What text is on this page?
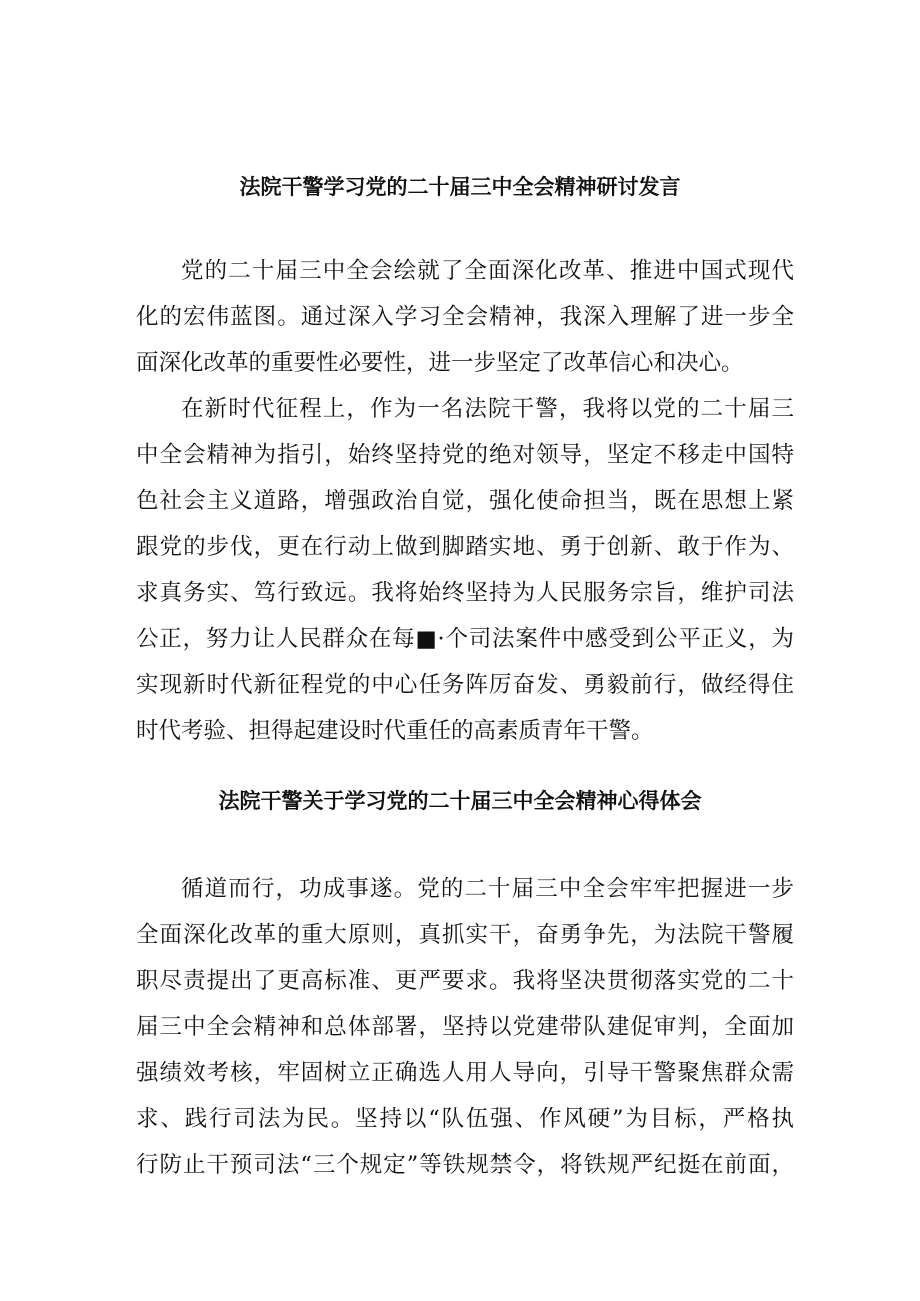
法院干警学习党的二十届三中全会精神研讨发言
党的二十届三中全会绘就了全面深化改革、推进中国式现代
化的宏伟蓝图。通过深入学习全会精神，我深入理解了进一步全
面深化改革的重要性必要性，进一步坚定了改革信心和决心。
在新时代征程上，作为一名法院干警，我将以党的二十届三
中全会精神为指引，始终坚持党的绝对领导，坚定不移走中国特
色社会主义道路，增强政治自觉，强化使命担当，既在思想上紧
跟党的步伐，更在行动上做到脚踏实地、勇于创新、敢于作为、
求真务实、笃行致远。我将始终坚持为人民服务宗旨，维护司法
公正，努力让人民群众在每■·个司法案件中感受到公平正义，为
实现新时代新征程党的中心任务阵厉奋发、勇毅前行，做经得住
时代考验、担得起建设时代重任的高素质青年干警。
法院干警关于学习党的二十届三中全会精神心得体会
循道而行，功成事遂。党的二十届三中全会牢牢把握进一步
全面深化改革的重大原则，真抓实干，奋勇争先，为法院干警履
职尽责提出了更高标准、更严要求。我将坚决贯彻落实党的二十
届三中全会精神和总体部署，坚持以党建带队建促审判，全面加
强绩效考核，牢固树立正确选人用人导向，引导干警聚焦群众需
求、践行司法为民。坚持以“队伍强、作风硬”为目标，严格执
行防止干预司法“三个规定”等铁规禁令，将铁规严纪挺在前面，
